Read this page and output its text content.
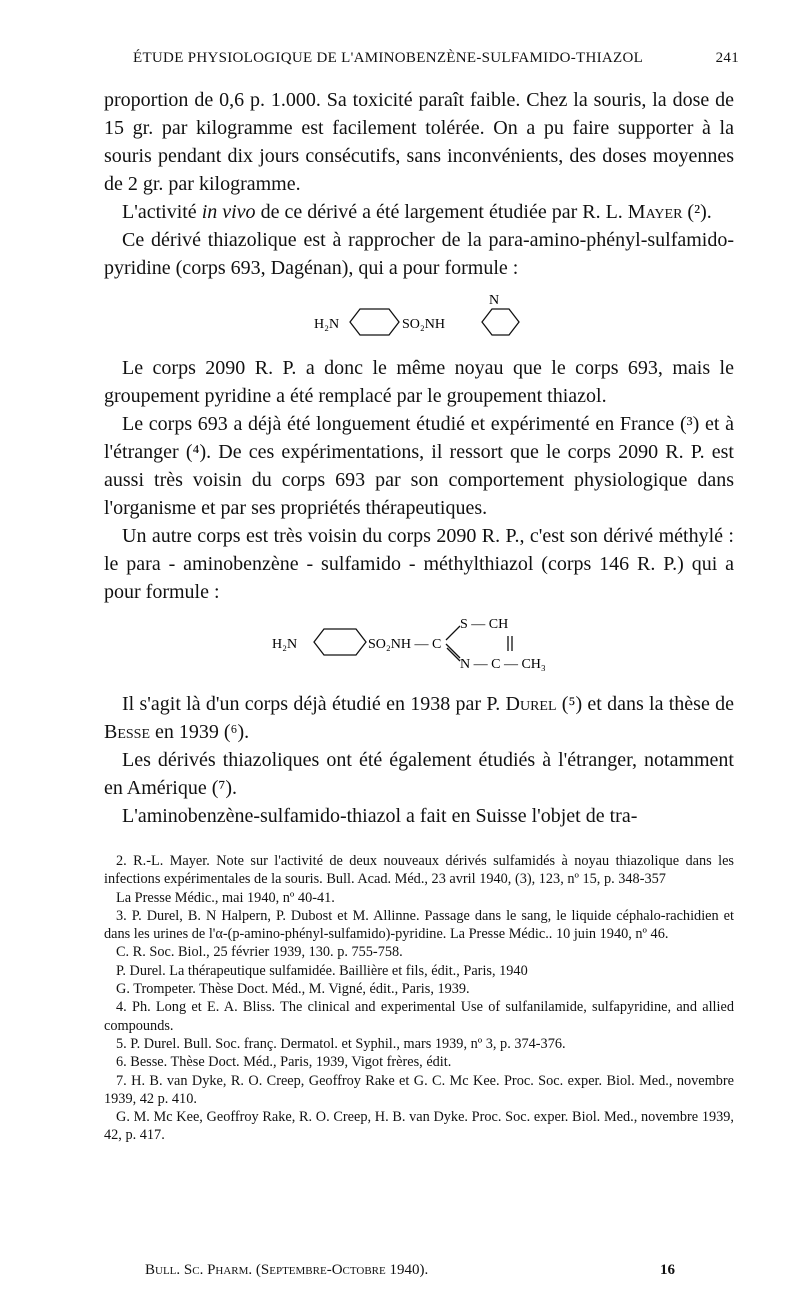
ÉTUDE PHYSIOLOGIQUE DE L'AMINOBENZÈNE-SULFAMIDO-THIAZOL	241

proportion de 0,6 p. 1.000. Sa toxicité paraît faible. Chez la souris, la dose de 15 gr. par kilogramme est facilement tolérée. On a pu faire supporter à la souris pendant dix jours consécutifs, sans inconvénients, des doses moyennes de 2 gr. par kilogramme.

L'activité in vivo de ce dérivé a été largement étudiée par R. L. Mayer (²).

Ce dérivé thiazolique est à rapprocher de la para-amino-phényl-sulfamido-pyridine (corps 693, Dagénan), qui a pour formule :

H₂N	SO₂NH
N

Le corps 2090 R. P. a donc le même noyau que le corps 693, mais le groupement pyridine a été remplacé par le groupement thiazol.

Le corps 693 a déjà été longuement étudié et expérimenté en France (³) et à l'étranger (⁴). De ces expérimentations, il ressort que le corps 2090 R. P. est aussi très voisin du corps 693 par son comportement physiologique dans l'organisme et par ses propriétés thérapeutiques.

Un autre corps est très voisin du corps 2090 R. P., c'est son dérivé méthylé : le para - aminobenzène - sulfamido - méthylthiazol (corps 146 R. P.) qui a pour formule :

H₂N	SO₂NH — C
S — CH
N — C — CH₃

Il s'agit là d'un corps déjà étudié en 1938 par P. Durel (⁵) et dans la thèse de Besse en 1939 (⁶).

Les dérivés thiazoliques ont été également étudiés à l'étranger, notamment en Amérique (⁷).

L'aminobenzène-sulfamido-thiazol a fait en Suisse l'objet de tra-

2. R.-L. Mayer. Note sur l'activité de deux nouveaux dérivés sulfamidés à noyau thiazolique dans les infections expérimentales de la souris. Bull. Acad. Méd., 23 avril 1940, (3), 123, nº 15, p. 348-357

La Presse Médic., mai 1940, nº 40-41.

3. P. Durel, B. N Halpern, P. Dubost et M. Allinne. Passage dans le sang, le liquide céphalo-rachidien et dans les urines de l'α-(p-amino-phényl-sulfamido)-pyridine. La Presse Médic.. 10 juin 1940, nº 46.

C. R. Soc. Biol., 25 février 1939, 130. p. 755-758.

P. Durel. La thérapeutique sulfamidée. Baillière et fils, édit., Paris, 1940

G. Trompeter. Thèse Doct. Méd., M. Vigné, édit., Paris, 1939.

4. Ph. Long et E. A. Bliss. The clinical and experimental Use of sulfanilamide, sulfapyridine, and allied compounds.

5. P. Durel. Bull. Soc. franç. Dermatol. et Syphil., mars 1939, nº 3, p. 374-376.

6. Besse. Thèse Doct. Méd., Paris, 1939, Vigot frères, édit.

7. H. B. van Dyke, R. O. Creep, Geoffroy Rake et G. C. Mc Kee. Proc. Soc. exper. Biol. Med., novembre 1939, 42 p. 410.

G. M. Mc Kee, Geoffroy Rake, R. O. Creep, H. B. van Dyke. Proc. Soc. exper. Biol. Med., novembre 1939, 42, p. 417.

Bull. Sc. Pharm. (Septembre-Octobre 1940).	16
